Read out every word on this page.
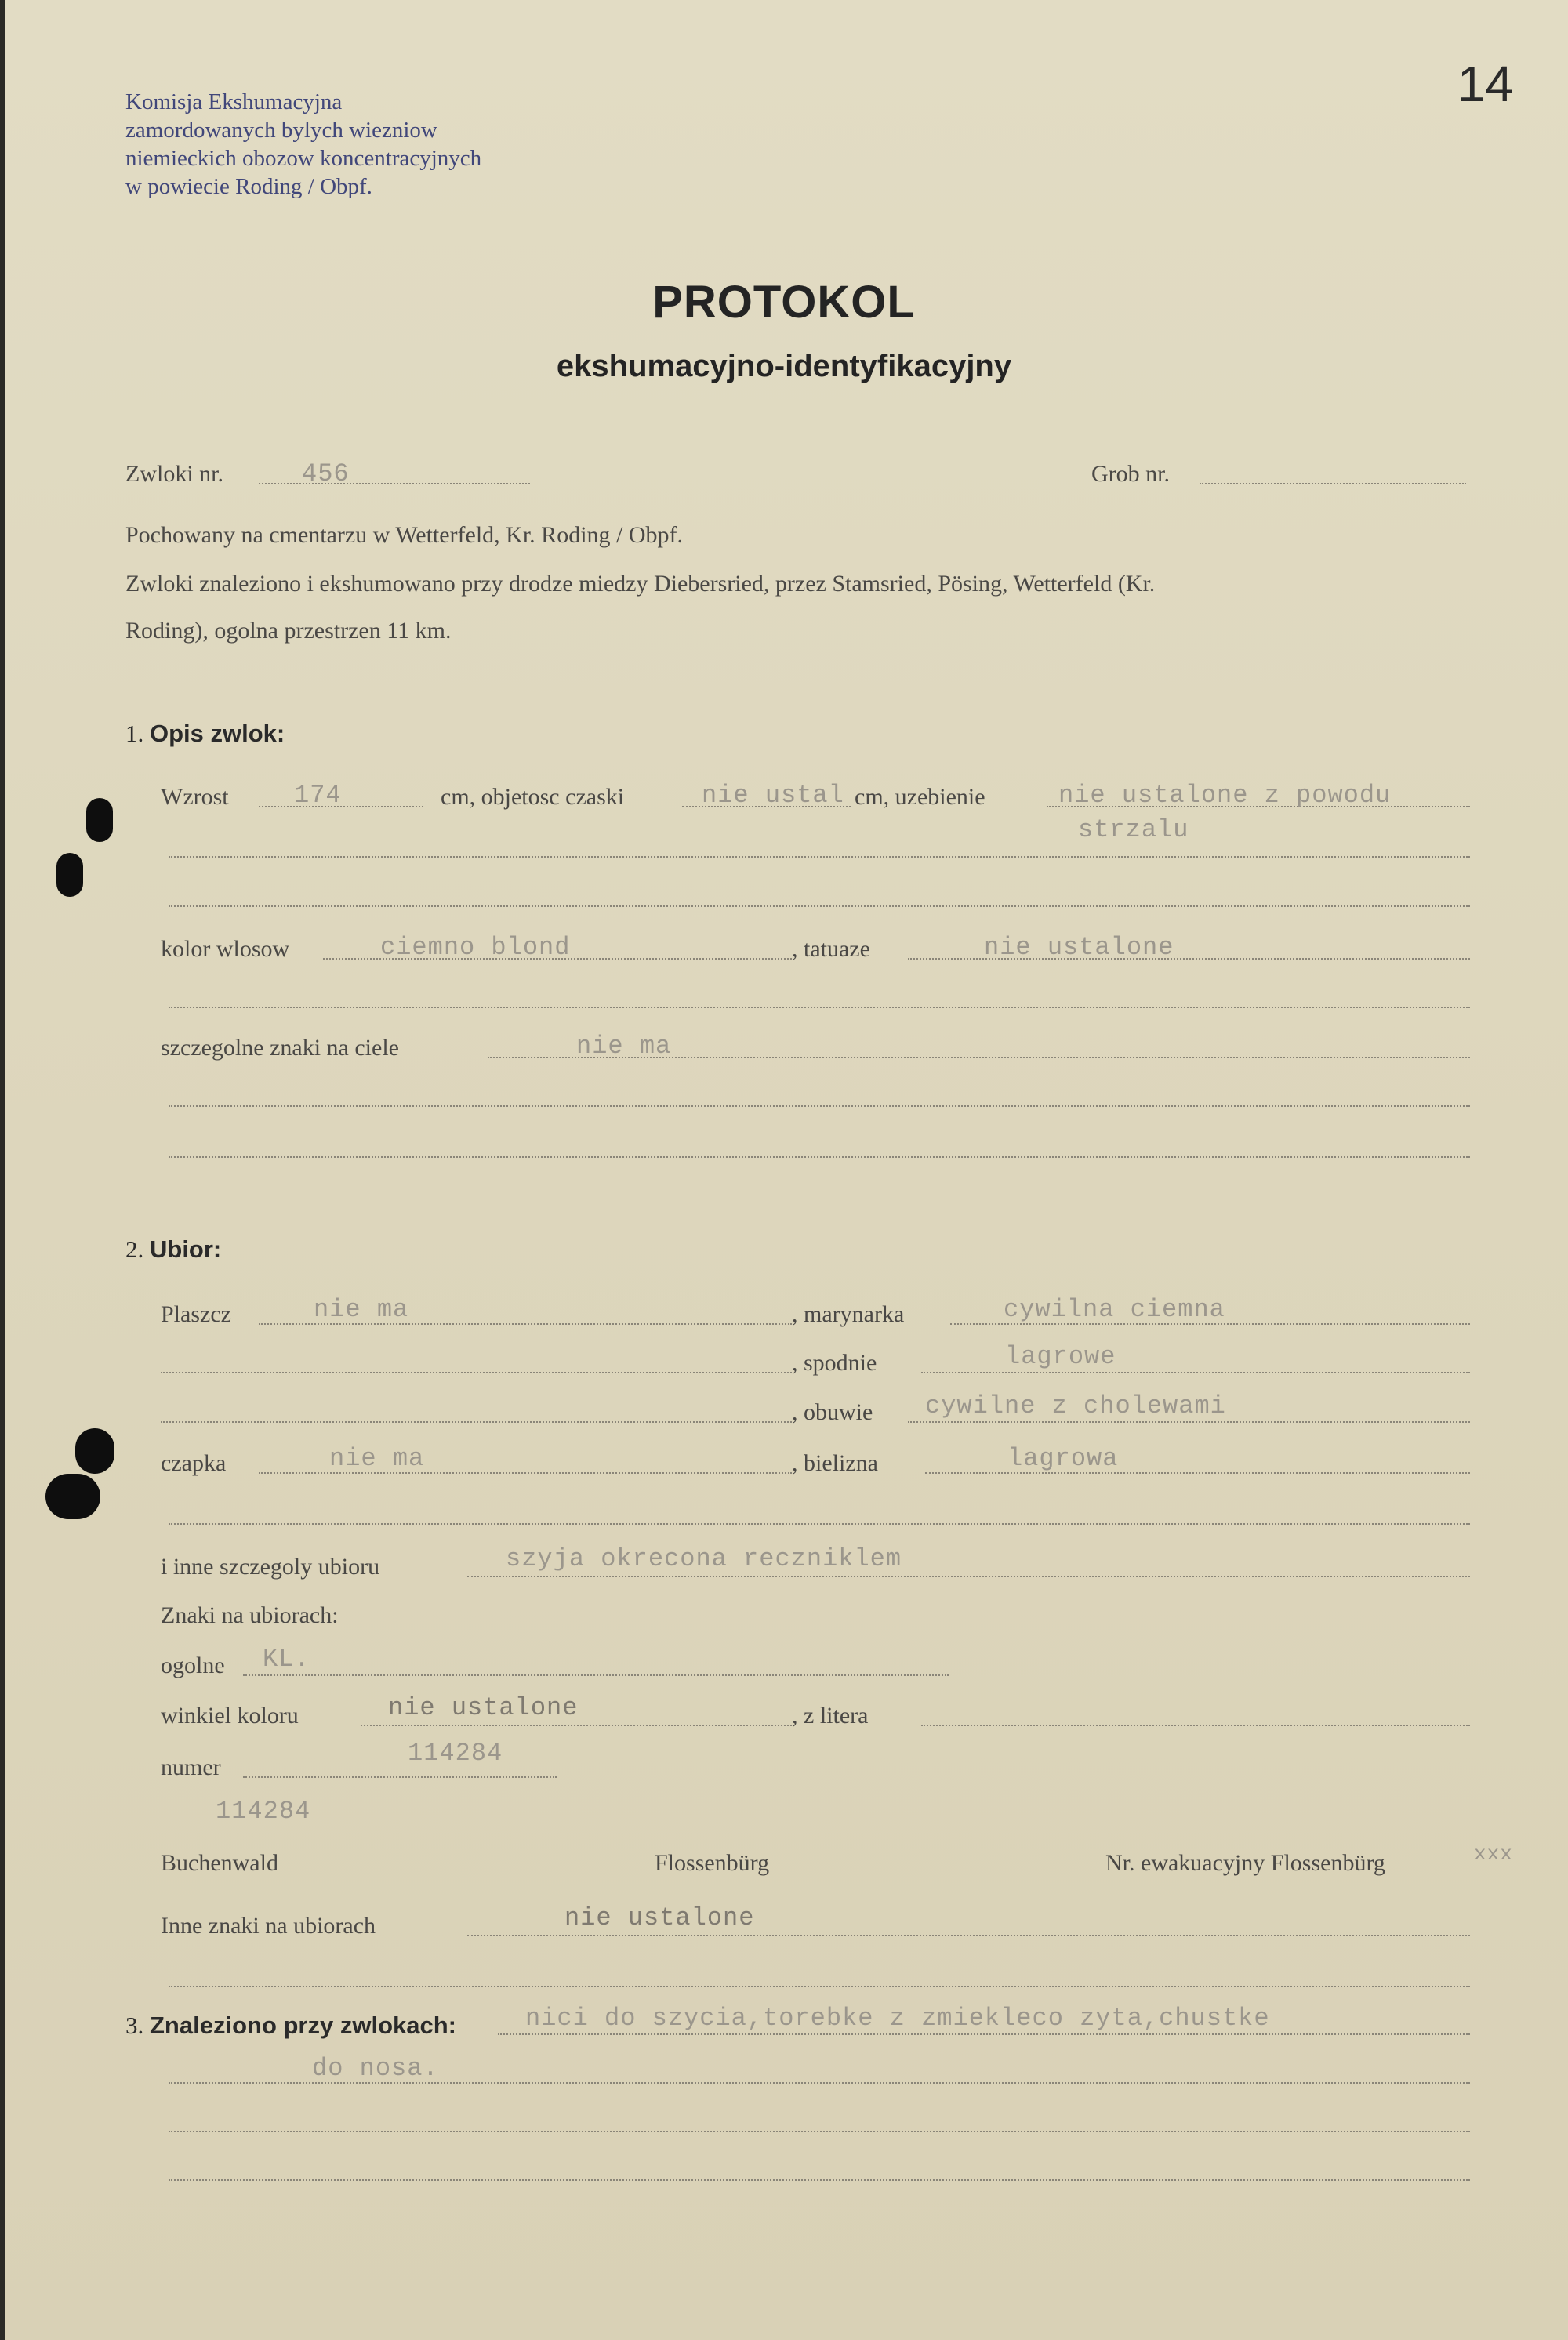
14
Komisja Ekshumacyjna
zamordowanych bylych wiezniow
niemieckich obozow koncentracyjnych
w powiecie Roding / Obpf.
PROTOKOL
ekshumacyjno-identyfikacyjny
Zwloki nr.	456	Grob nr.
Pochowany na cmentarzu w Wetterfeld, Kr. Roding / Obpf.
Zwloki znaleziono i ekshumowano przy drodze miedzy Diebersried, przez Stamsried, Pösing, Wetterfeld (Kr.
Roding), ogolna przestrzen 11 km.
1. Opis zwlok:
Wzrost	174	cm, objetosc czaski	nie ustal cm, uzebienie	nie ustalone z powodu
strzalu
kolor wlosow	ciemno blond	, tatuaze	nie ustalone
szczegolne znaki na ciele	nie ma
2. Ubior:
Plaszcz	nie ma	, marynarka	cywilna ciemna
, spodnie	lagrowe
, obuwie cywilne z cholewami
czapka	nie ma	, bielizna	lagrowa
i inne szczegoly ubioru	szyja okrecona reczniklem
Znaki na ubiorach:
ogolne KL.
winkiel koloru	nie ustalone	, z litera
numer	114284
114284
Buchenwald	Flossenbürg	Nr. ewakuacyjny Flossenbürg	xxx
Inne znaki na ubiorach	nie ustalone
3. Znaleziono przy zwlokach:	nici do szycia,torebke z zmiekleco zyta,chustke
do nosa.
